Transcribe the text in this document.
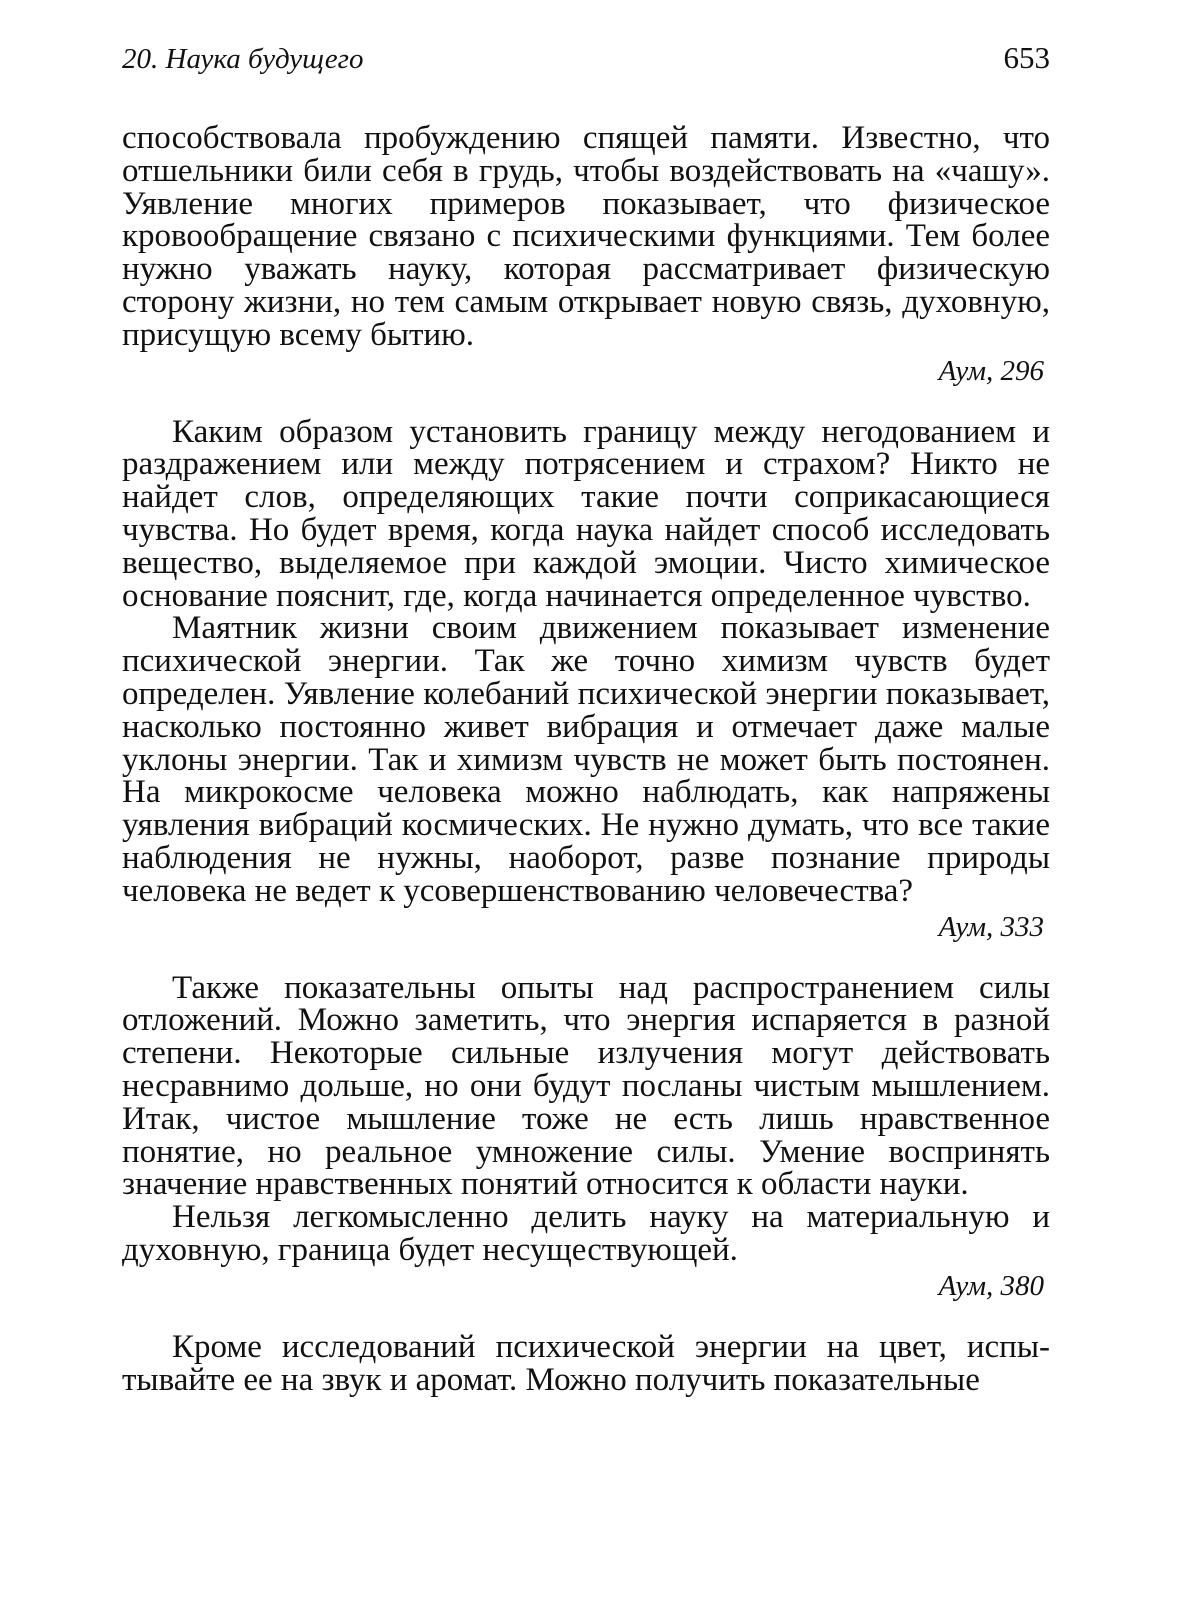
20. Наука будущего	653

способствовала пробуждению спящей памяти. Известно, что отшельники били себя в грудь, чтобы воздействовать на «чашу». Уявление многих примеров показывает, что физическое кровообращение связано с психическими функциями. Тем более нужно уважать науку, которая рассматривает физическую сторону жизни, но тем самым открывает новую связь, духовную, присущую всему бытию.

Аум, 296

Каким образом установить границу между негодованием и раздражением или между потрясением и страхом? Никто не найдет слов, определяющих такие почти соприкасающиеся чувства. Но будет время, когда наука найдет способ исследовать вещество, выделяемое при каждой эмоции. Чисто химическое основание пояснит, где, когда начинается определенное чувство.

Маятник жизни своим движением показывает изменение психической энергии. Так же точно химизм чувств будет определен. Уявление колебаний психической энергии показывает, насколько постоянно живет вибрация и отмечает даже малые уклоны энергии. Так и химизм чувств не может быть постоянен. На микрокосме человека можно наблюдать, как напряжены уявления вибраций космических. Не нужно думать, что все такие наблюдения не нужны, наоборот, разве познание природы человека не ведет к усовершенствованию человечества?

Аум, 333

Также показательны опыты над распространением силы отложений. Можно заметить, что энергия испаряется в разной степени. Некоторые сильные излучения могут действовать несравнимо дольше, но они будут посланы чистым мышлением. Итак, чистое мышление тоже не есть лишь нравственное понятие, но реальное умножение силы. Умение воспринять значение нравственных понятий относится к области науки.

Нельзя легкомысленно делить науку на материальную и духовную, граница будет несуществующей.

Аум, 380

Кроме исследований психической энергии на цвет, испытывайте ее на звук и аромат. Можно получить показательные
